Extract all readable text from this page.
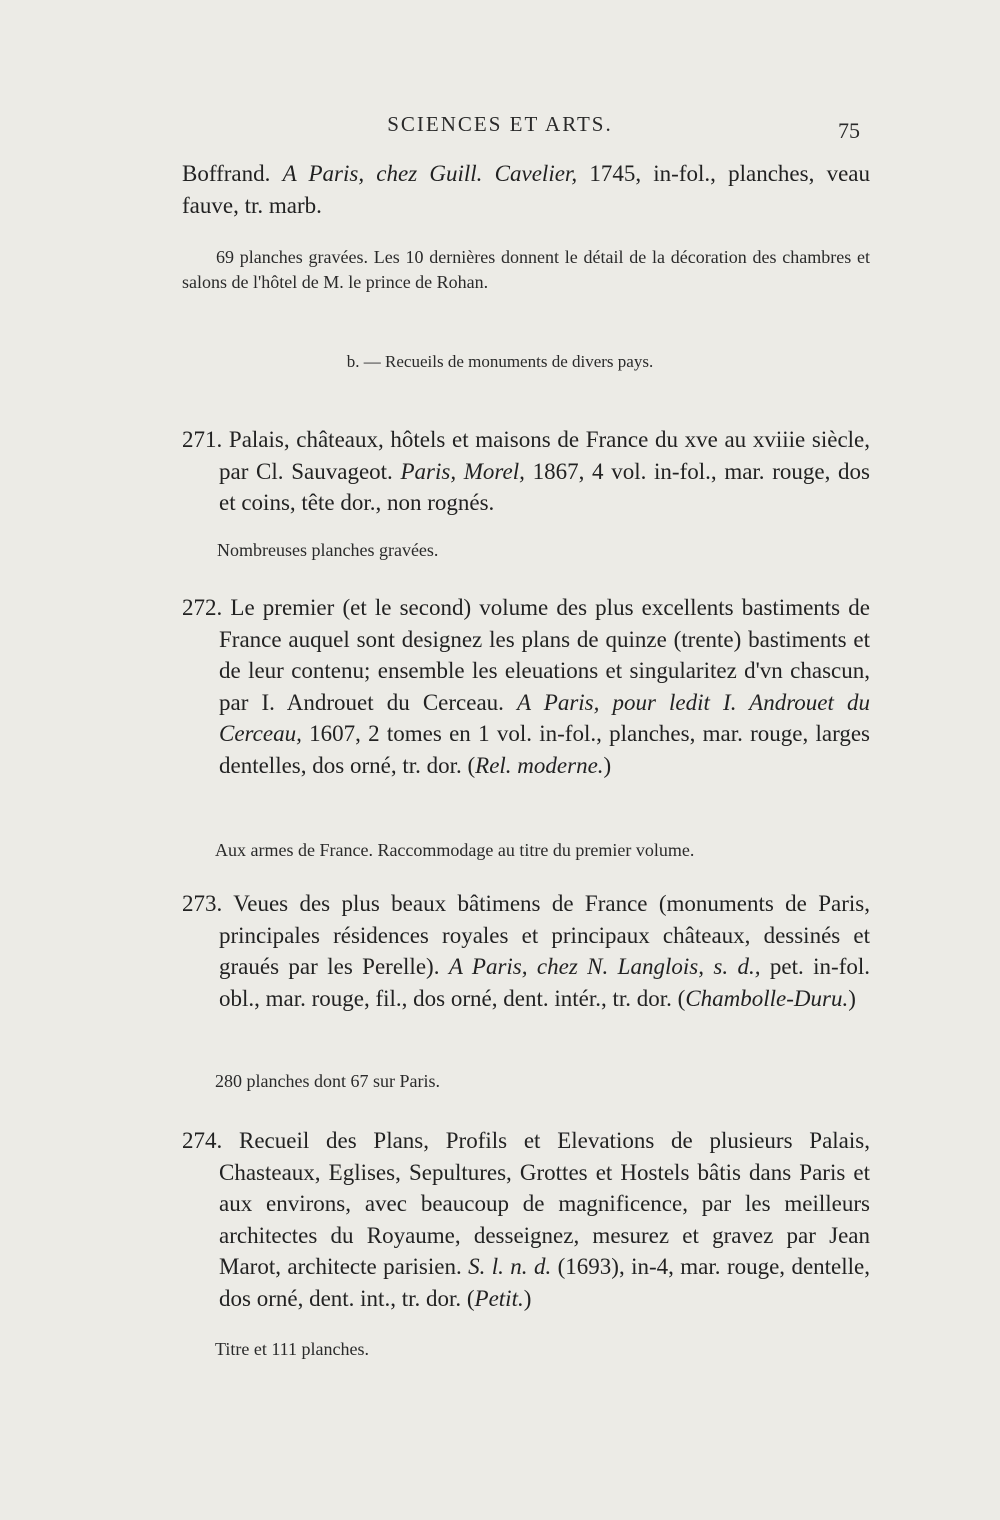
SCIENCES ET ARTS.	75

Boffrand. A Paris, chez Guill. Cavelier, 1745, in-fol., planches, veau fauve, tr. marb.

69 planches gravées. Les 10 dernières donnent le détail de la décoration des chambres et salons de l'hôtel de M. le prince de Rohan.

b. — Recueils de monuments de divers pays.

271. Palais, châteaux, hôtels et maisons de France du xve au xviiie siècle, par Cl. Sauvageot. Paris, Morel, 1867, 4 vol. in-fol., mar. rouge, dos et coins, tête dor., non rognés.

Nombreuses planches gravées.

272. Le premier (et le second) volume des plus excellents bastiments de France auquel sont designez les plans de quinze (trente) bastiments et de leur contenu; ensemble les eleuations et singularitez d'vn chascun, par I. Androuet du Cerceau. A Paris, pour ledit I. Androuet du Cerceau, 1607, 2 tomes en 1 vol. in-fol., planches, mar. rouge, larges dentelles, dos orné, tr. dor. (Rel. moderne.)

Aux armes de France. Raccommodage au titre du premier volume.

273. Veues des plus beaux bâtimens de France (monuments de Paris, principales résidences royales et principaux châteaux, dessinés et graués par les Perelle). A Paris, chez N. Langlois, s. d., pet. in-fol. obl., mar. rouge, fil., dos orné, dent. intér., tr. dor. (Chambolle-Duru.)

280 planches dont 67 sur Paris.

274. Recueil des Plans, Profils et Elevations de plusieurs Palais, Chasteaux, Eglises, Sepultures, Grottes et Hostels bâtis dans Paris et aux environs, avec beaucoup de magnificence, par les meilleurs architectes du Royaume, desseignez, mesurez et gravez par Jean Marot, architecte parisien. S. l. n. d. (1693), in-4, mar. rouge, dentelle, dos orné, dent. int., tr. dor. (Petit.)

Titre et 111 planches.
